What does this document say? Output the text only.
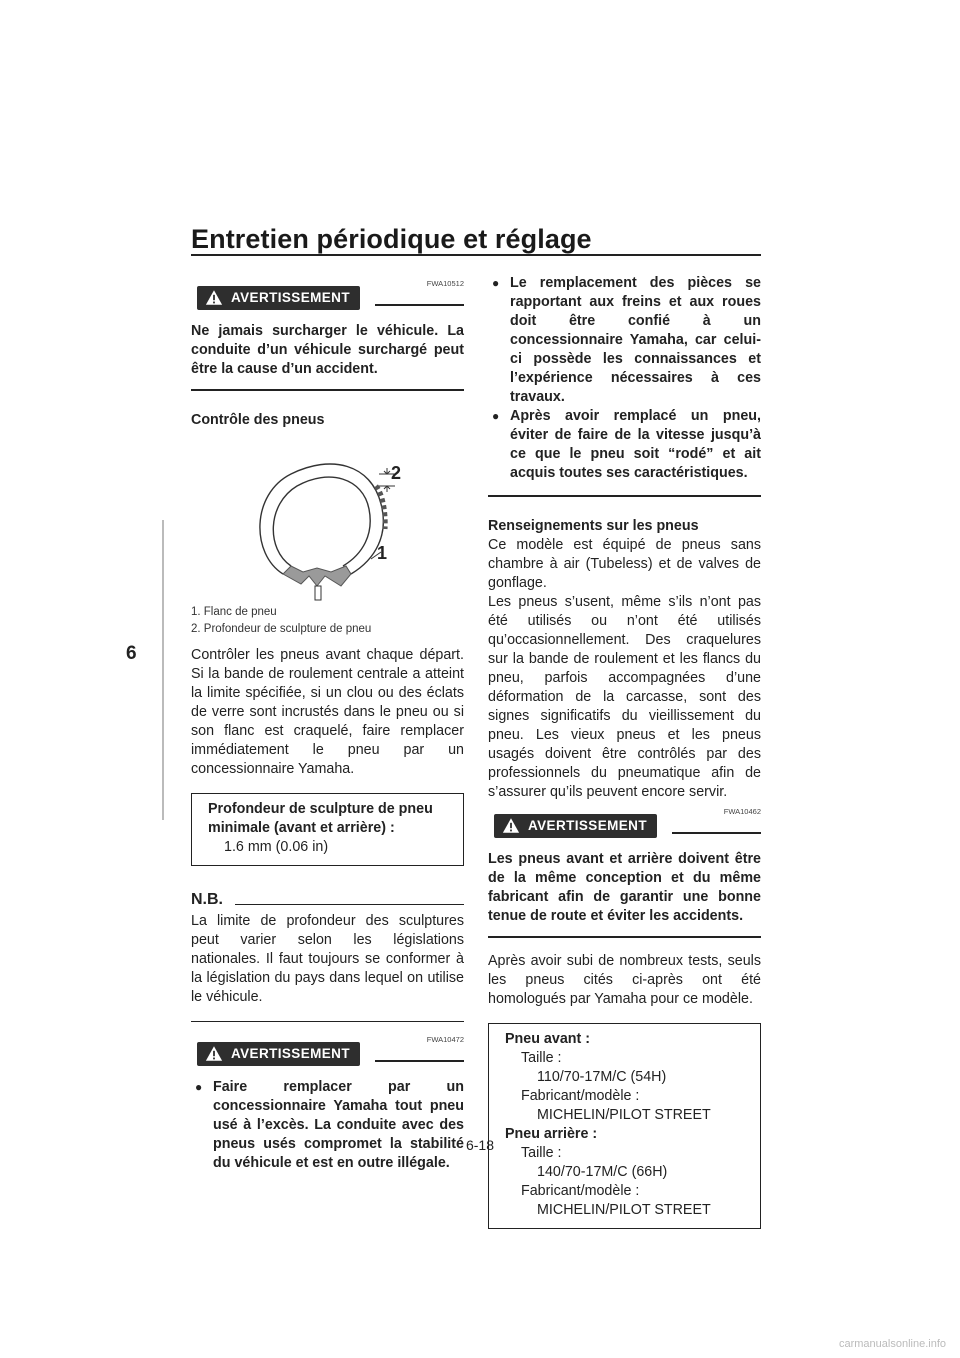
Entretien périodique et réglage
6
FWA10512
AVERTISSEMENT

Ne jamais surcharger le véhicule. La conduite d’un véhicule surchargé peut être la cause d’un accident.

Contrôle des pneus

2
1

1. Flanc de pneu

2. Profondeur de sculpture de pneu

Contrôler les pneus avant chaque départ. Si la bande de roulement centrale a atteint la limite spécifiée, si un clou ou des éclats de verre sont incrustés dans le pneu ou si son flanc est craquelé, faire remplacer immédiatement le pneu par un concessionnaire Yamaha.

Profondeur de sculpture de pneu minimale (avant et arrière) :

1.6 mm (0.06 in)

N.B.

La limite de profondeur des sculptures peut varier selon les législations nationales. Il faut toujours se conformer à la législation du pays dans lequel on utilise le véhicule.

FWA10472
AVERTISSEMENT

● Faire remplacer par un concessionnaire Yamaha tout pneu usé à l’excès. La conduite avec des pneus usés compromet la stabilité du véhicule et est en outre illégale.

● Le remplacement des pièces se rapportant aux freins et aux roues doit être confié à un concessionnaire Yamaha, car celui-ci possède les connaissances et l’expérience nécessaires à ces travaux.

● Après avoir remplacé un pneu, éviter de faire de la vitesse jusqu’à ce que le pneu soit “rodé” et ait acquis toutes ses caractéristiques.

Renseignements sur les pneus

Ce modèle est équipé de pneus sans chambre à air (Tubeless) et de valves de gonflage.

Les pneus s’usent, même s’ils n’ont pas été utilisés ou n’ont été utilisés qu’occasionnellement. Des craquelures sur la bande de roulement et les flancs du pneu, parfois accompagnées d’une déformation de la carcasse, sont des signes significatifs du vieillissement du pneu. Les vieux pneus et les pneus usagés doivent être contrôlés par des professionnels du pneumatique afin de s’assurer qu’ils peuvent encore servir.

FWA10462
AVERTISSEMENT

Les pneus avant et arrière doivent être de la même conception et du même fabricant afin de garantir une bonne tenue de route et éviter les accidents.

Après avoir subi de nombreux tests, seuls les pneus cités ci-après ont été homologués par Yamaha pour ce modèle.

Pneu avant :

Taille :

110/70-17M/C (54H)

Fabricant/modèle :

MICHELIN/PILOT STREET

Pneu arrière :

Taille :

140/70-17M/C (66H)

Fabricant/modèle :

MICHELIN/PILOT STREET

6-18
carmanualsonline.info
